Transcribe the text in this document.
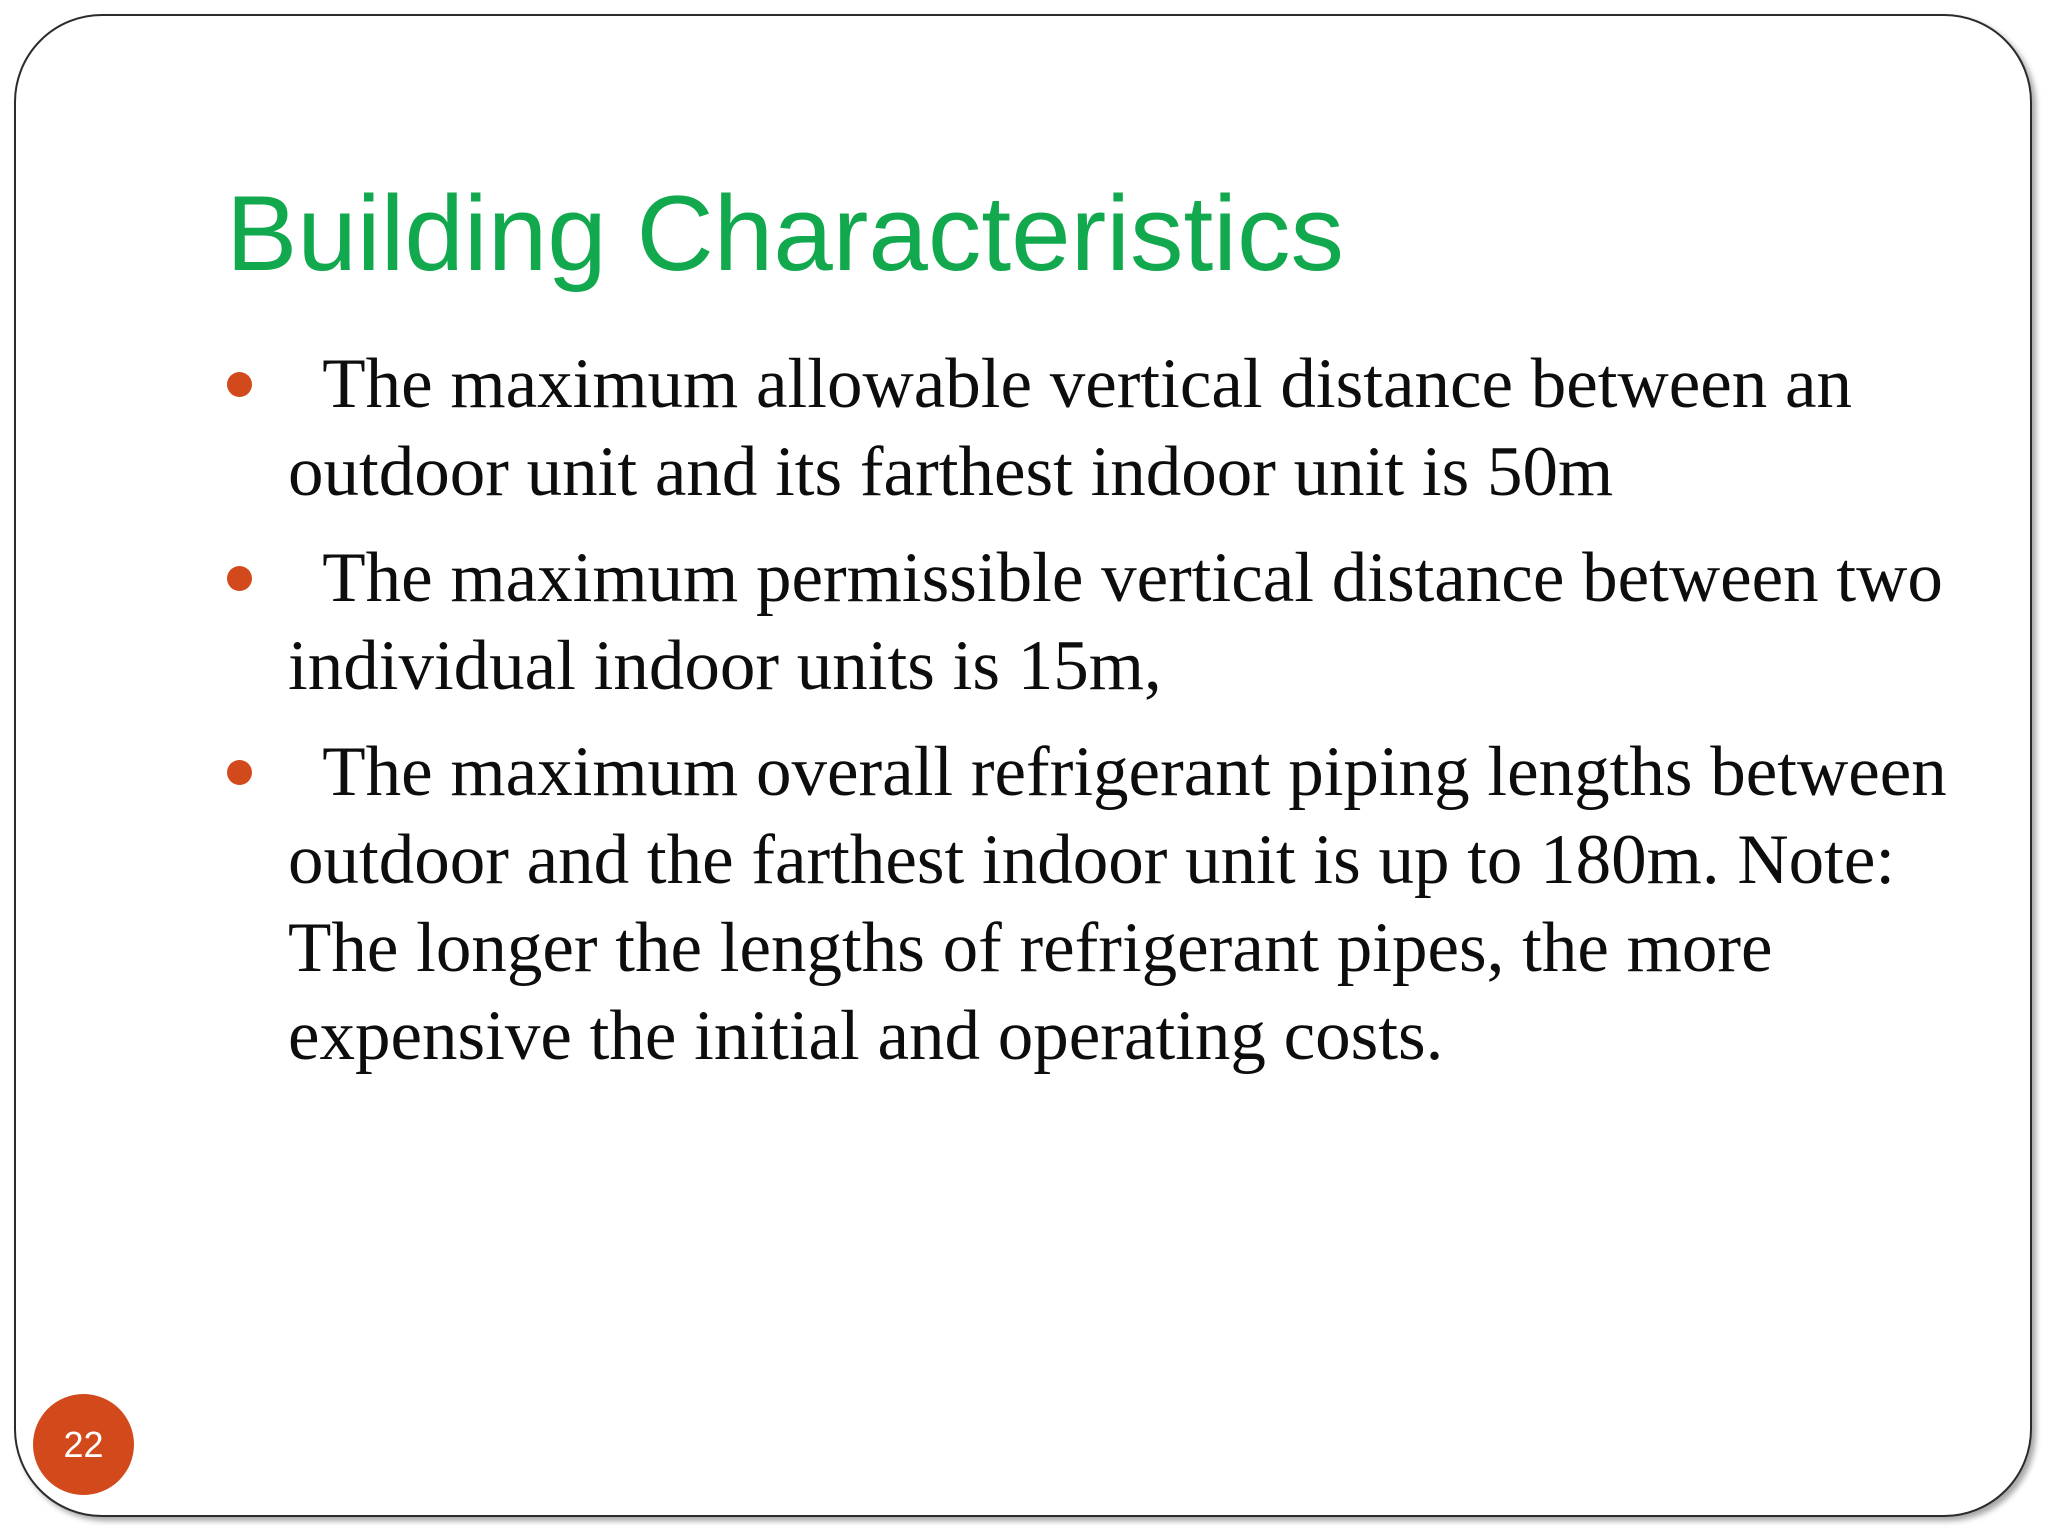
Building Characteristics
The maximum allowable vertical distance between an outdoor unit and its farthest indoor unit is 50m
The maximum permissible vertical distance between two individual indoor units is 15m,
The maximum overall refrigerant piping lengths between outdoor and the farthest indoor unit is up to 180m. Note: The longer the lengths of refrigerant pipes, the more expensive the initial and operating costs.
22
